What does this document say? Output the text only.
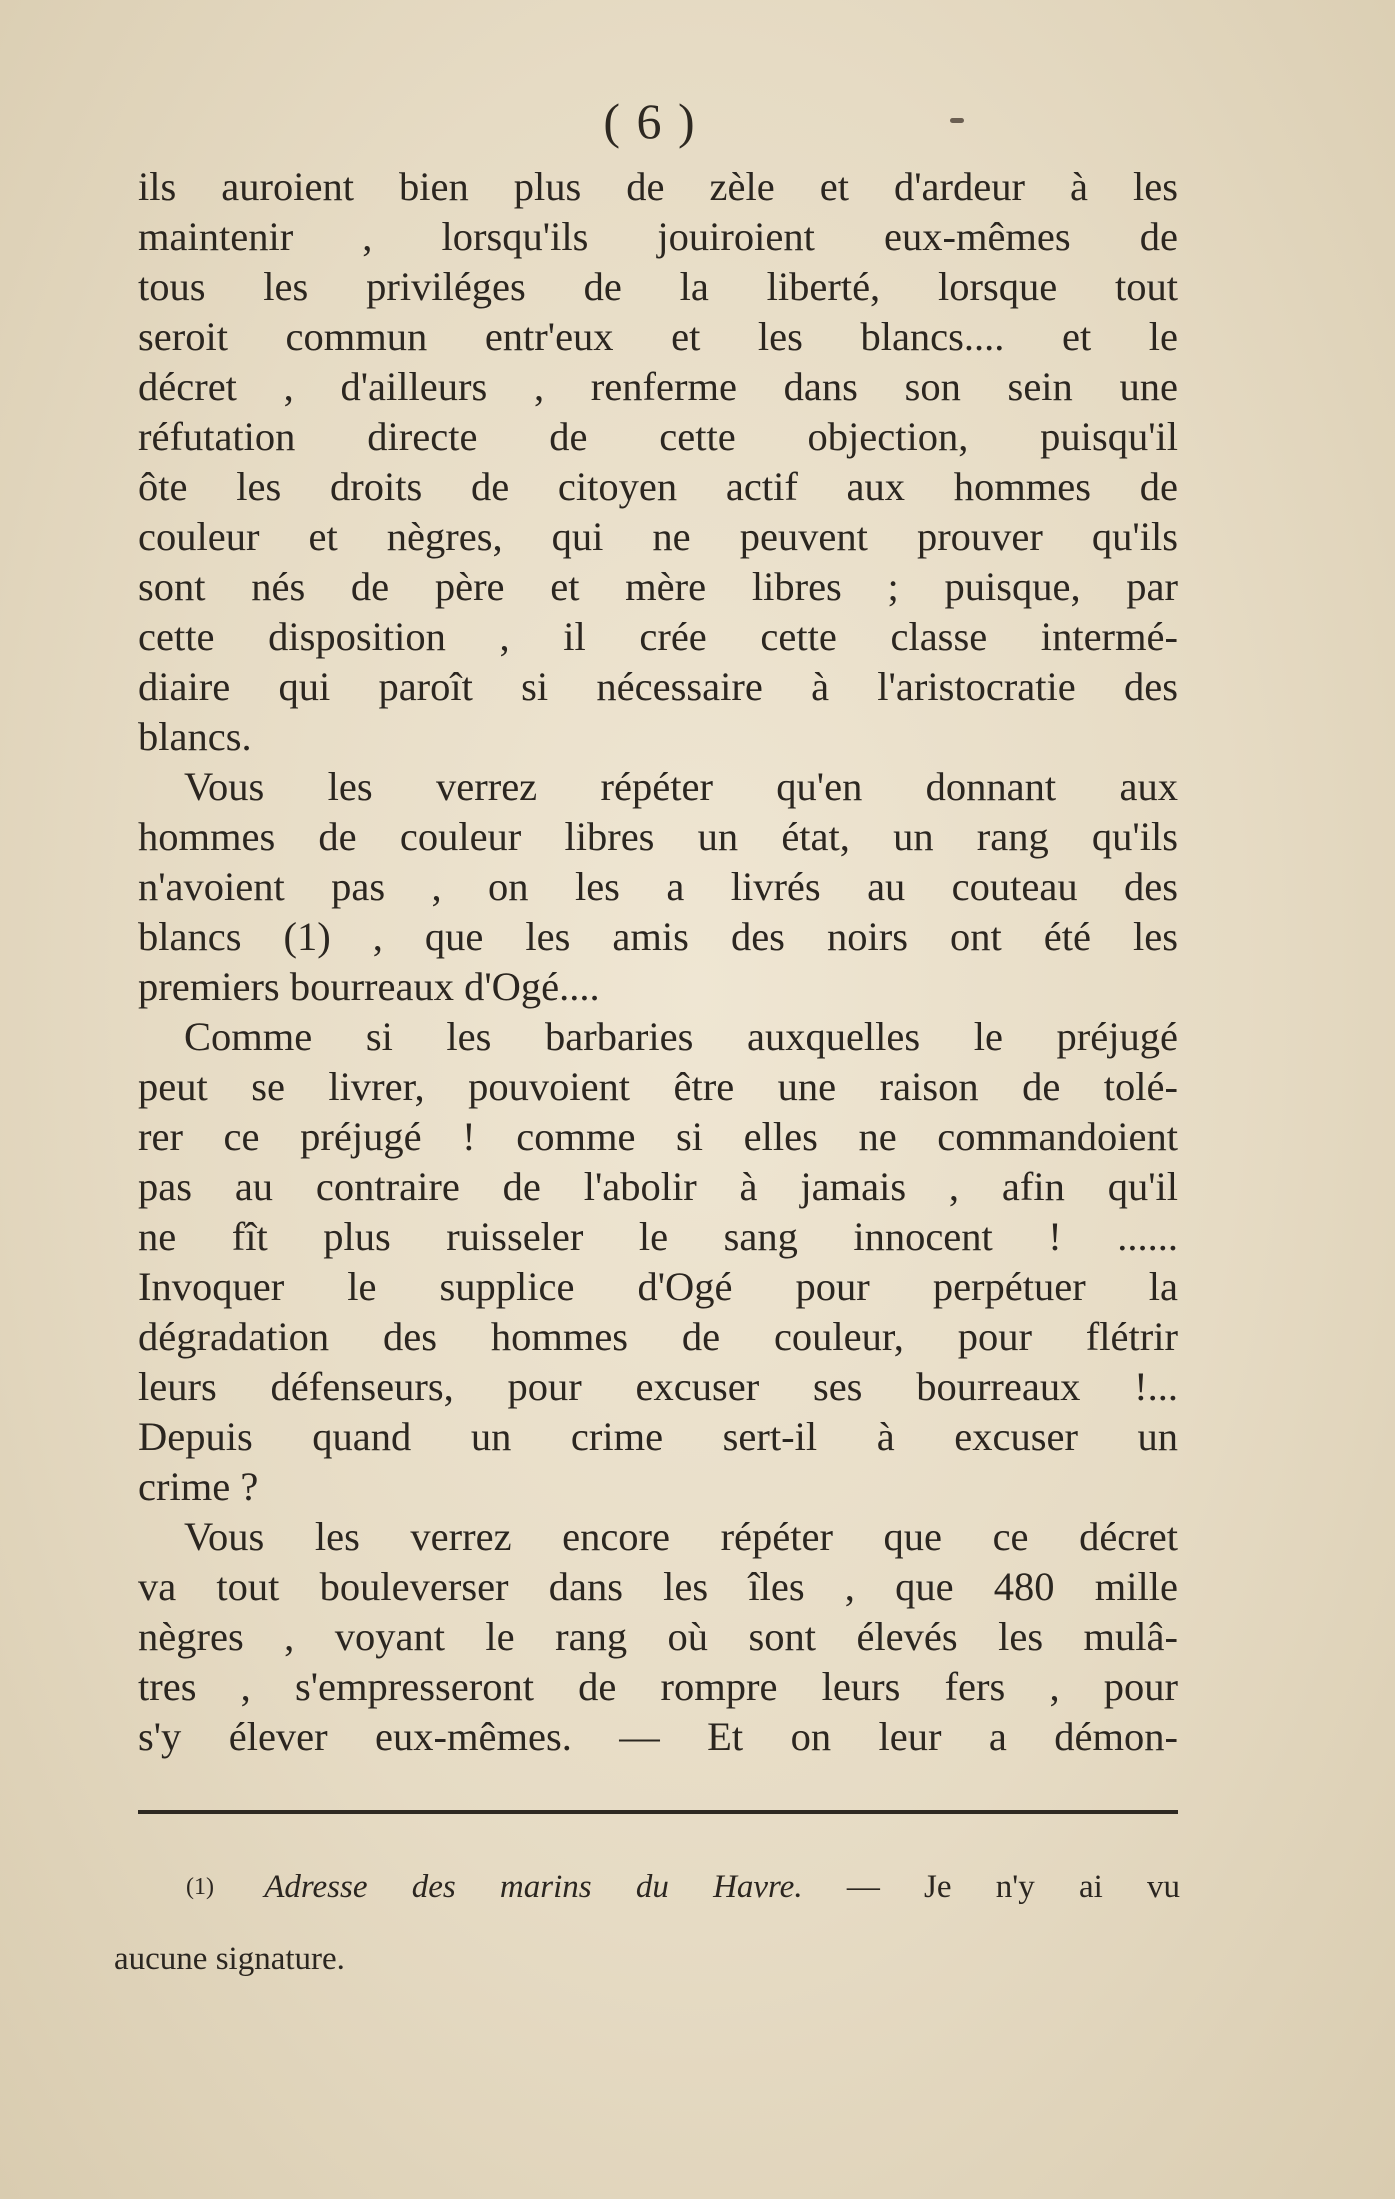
( 6 )
ils auroient bien plus de zèle et d'ardeur à les
maintenir , lorsqu'ils jouiroient eux-mêmes de
tous les priviléges de la liberté, lorsque tout
seroit commun entr'eux et les blancs.... et le
décret , d'ailleurs , renferme dans son sein une
réfutation directe de cette objection, puisqu'il
ôte les droits de citoyen actif aux hommes de
couleur et nègres, qui ne peuvent prouver qu'ils
sont nés de père et mère libres ; puisque, par
cette disposition , il crée cette classe intermé-
diaire qui paroît si nécessaire à l'aristocratie des
blancs.
Vous les verrez répéter qu'en donnant aux
hommes de couleur libres un état, un rang qu'ils
n'avoient pas , on les a livrés au couteau des
blancs (1) , que les amis des noirs ont été les
premiers bourreaux d'Ogé....
Comme si les barbaries auxquelles le préjugé
peut se livrer, pouvoient être une raison de tolé-
rer ce préjugé ! comme si elles ne commandoient
pas au contraire de l'abolir à jamais , afin qu'il
ne fît plus ruisseler le sang innocent ! ......
Invoquer le supplice d'Ogé pour perpétuer la
dégradation des hommes de couleur, pour flétrir
leurs défenseurs, pour excuser ses bourreaux !...
Depuis quand un crime sert-il à excuser un
crime ?
Vous les verrez encore répéter que ce décret
va tout bouleverser dans les îles , que 480 mille
nègres , voyant le rang où sont élevés les mulâ-
tres , s'empresseront de rompre leurs fers , pour
s'y élever eux-mêmes. — Et on leur a démon-
$^{(1)}$ Adresse des marins du Havre. — Je n'y ai vu
aucune signature.
